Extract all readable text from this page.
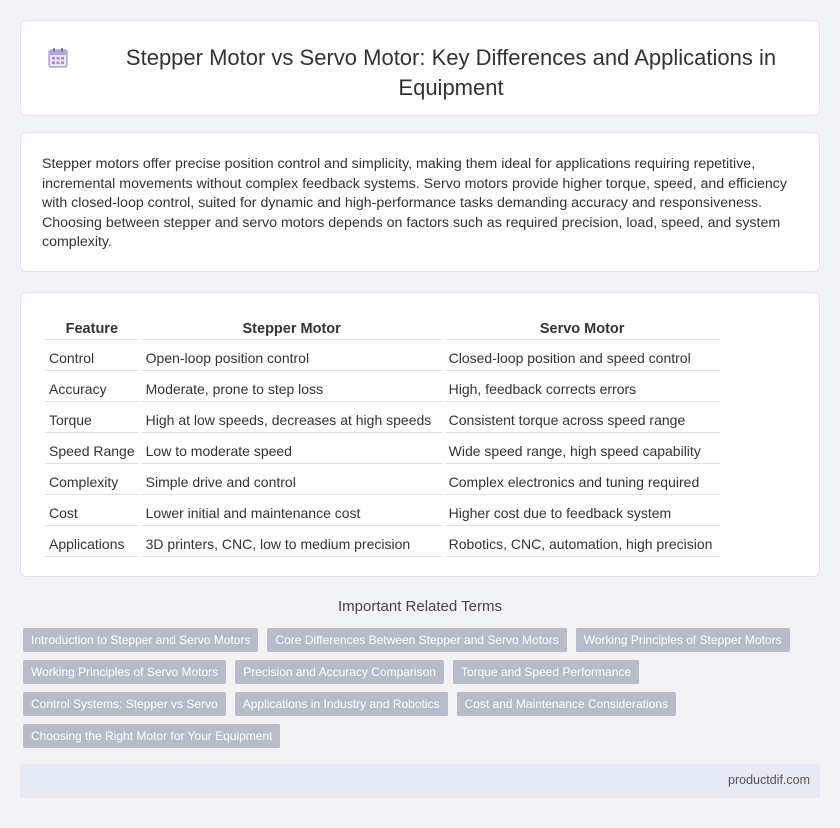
Stepper Motor vs Servo Motor: Key Differences and Applications in Equipment

Stepper motors offer precise position control and simplicity, making them ideal for applications requiring repetitive, incremental movements without complex feedback systems. Servo motors provide higher torque, speed, and efficiency with closed-loop control, suited for dynamic and high-performance tasks demanding accuracy and responsiveness. Choosing between stepper and servo motors depends on factors such as required precision, load, speed, and system complexity.

Feature	Stepper Motor	Servo Motor
Control	Open-loop position control	Closed-loop position and speed control
Accuracy	Moderate, prone to step loss	High, feedback corrects errors
Torque	High at low speeds, decreases at high speeds	Consistent torque across speed range
Speed Range	Low to moderate speed	Wide speed range, high speed capability
Complexity	Simple drive and control	Complex electronics and tuning required
Cost	Lower initial and maintenance cost	Higher cost due to feedback system
Applications	3D printers, CNC, low to medium precision	Robotics, CNC, automation, high precision
Important Related Terms
Introduction to Stepper and Servo Motors	Core Differences Between Stepper and Servo Motors	Working Principles of Stepper Motors
Working Principles of Servo Motors	Precision and Accuracy Comparison	Torque and Speed Performance
Control Systems: Stepper vs Servo	Applications in Industry and Robotics	Cost and Maintenance Considerations
Choosing the Right Motor for Your Equipment
productdif.com
